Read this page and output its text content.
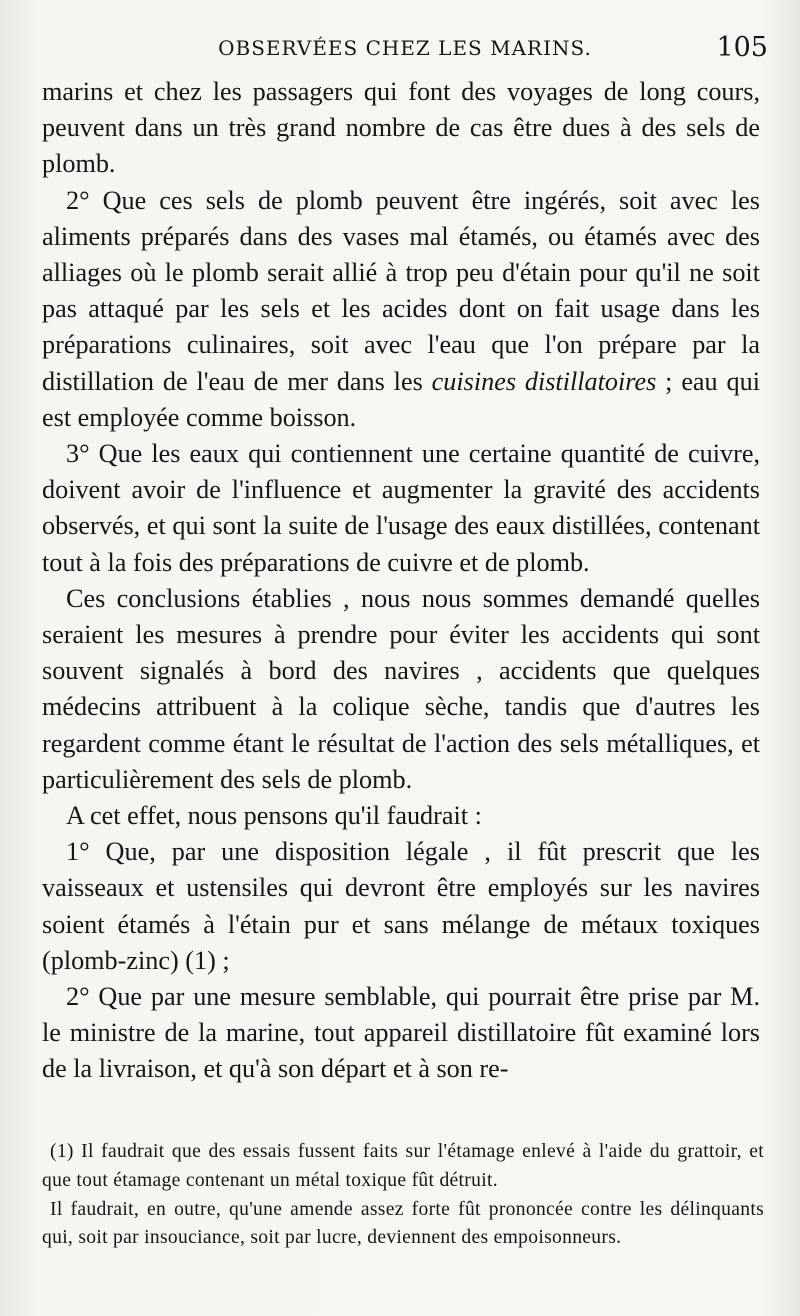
OBSERVÉES CHEZ LES MARINS.	105

marins et chez les passagers qui font des voyages de long cours, peuvent dans un très grand nombre de cas être dues à des sels de plomb.

2° Que ces sels de plomb peuvent être ingérés, soit avec les aliments préparés dans des vases mal étamés, ou étamés avec des alliages où le plomb serait allié à trop peu d'étain pour qu'il ne soit pas attaqué par les sels et les acides dont on fait usage dans les préparations culinaires, soit avec l'eau que l'on prépare par la distillation de l'eau de mer dans les cuisines distillatoires ; eau qui est employée comme boisson.

3° Que les eaux qui contiennent une certaine quantité de cuivre, doivent avoir de l'influence et augmenter la gravité des accidents observés, et qui sont la suite de l'usage des eaux distillées, contenant tout à la fois des préparations de cuivre et de plomb.

Ces conclusions établies , nous nous sommes demandé quelles seraient les mesures à prendre pour éviter les accidents qui sont souvent signalés à bord des navires , accidents que quelques médecins attribuent à la colique sèche, tandis que d'autres les regardent comme étant le résultat de l'action des sels métalliques, et particulièrement des sels de plomb.

A cet effet, nous pensons qu'il faudrait :

1° Que, par une disposition légale , il fût prescrit que les vaisseaux et ustensiles qui devront être employés sur les navires soient étamés à l'étain pur et sans mélange de métaux toxiques (plomb-zinc) (1) ;

2° Que par une mesure semblable, qui pourrait être prise par M. le ministre de la marine, tout appareil distillatoire fût examiné lors de la livraison, et qu'à son départ et à son re-

(1) Il faudrait que des essais fussent faits sur l'étamage enlevé à l'aide du grattoir, et que tout étamage contenant un métal toxique fût détruit.

Il faudrait, en outre, qu'une amende assez forte fût prononcée contre les délinquants qui, soit par insouciance, soit par lucre, deviennent des empoisonneurs.
